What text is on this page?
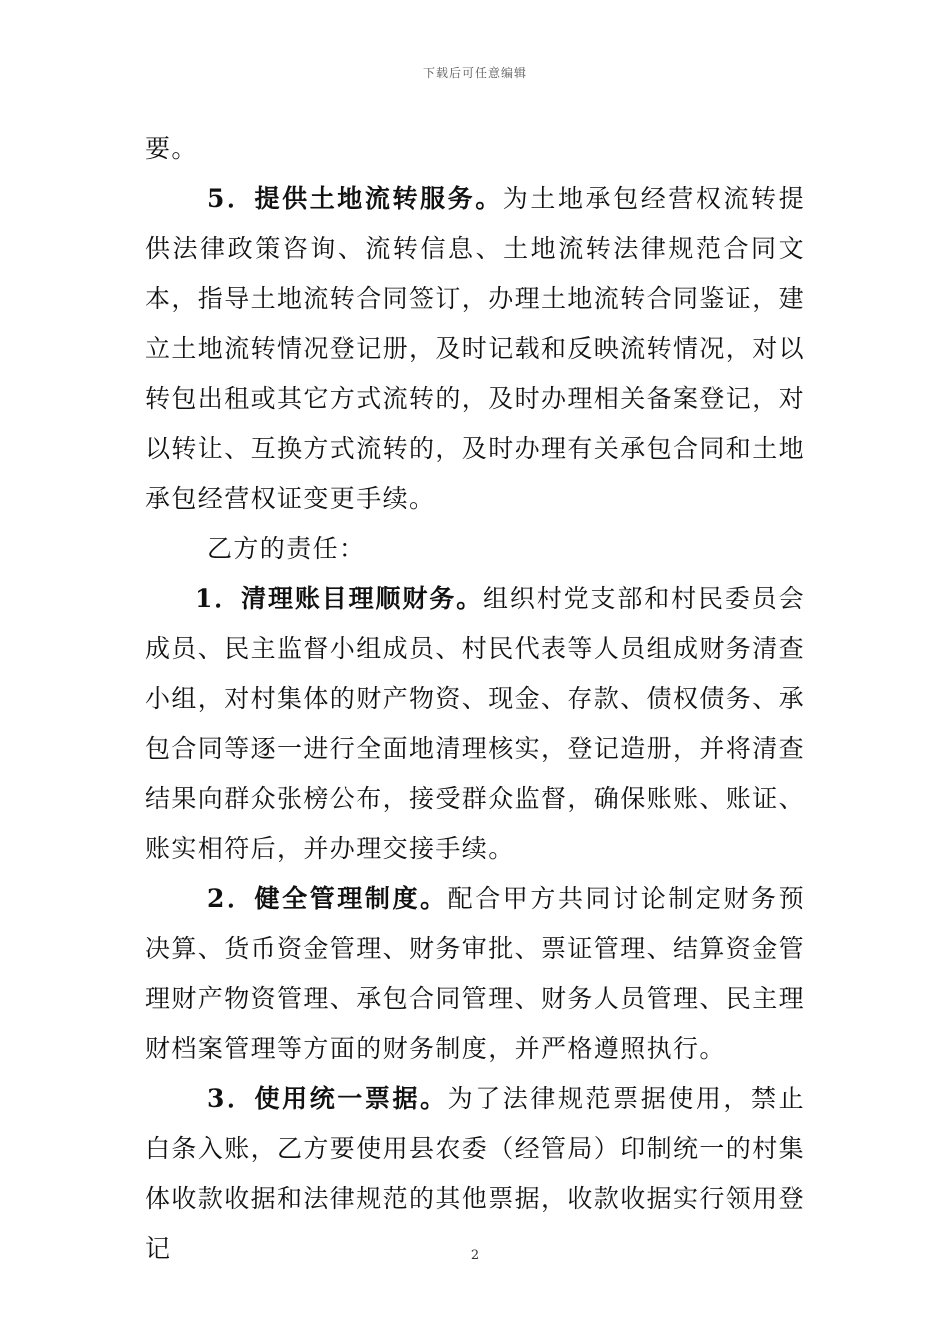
下载后可任意编辑

要。

5．提供土地流转服务。为土地承包经营权流转提供法律政策咨询、流转信息、土地流转法律规范合同文本，指导土地流转合同签订，办理土地流转合同鉴证，建立土地流转情况登记册，及时记载和反映流转情况，对以转包出租或其它方式流转的，及时办理相关备案登记，对以转让、互换方式流转的，及时办理有关承包合同和土地承包经营权证变更手续。

乙方的责任：

1．清理账目理顺财务。组织村党支部和村民委员会成员、民主监督小组成员、村民代表等人员组成财务清查小组，对村集体的财产物资、现金、存款、债权债务、承包合同等逐一进行全面地清理核实，登记造册，并将清查结果向群众张榜公布，接受群众监督，确保账账、账证、账实相符后，并办理交接手续。

2．健全管理制度。配合甲方共同讨论制定财务预决算、货币资金管理、财务审批、票证管理、结算资金管理财产物资管理、承包合同管理、财务人员管理、民主理财档案管理等方面的财务制度，并严格遵照执行。

3．使用统一票据。为了法律规范票据使用，禁止白条入账，乙方要使用县农委（经管局）印制统一的村集体收款收据和法律规范的其他票据，收款收据实行领用登记	2
